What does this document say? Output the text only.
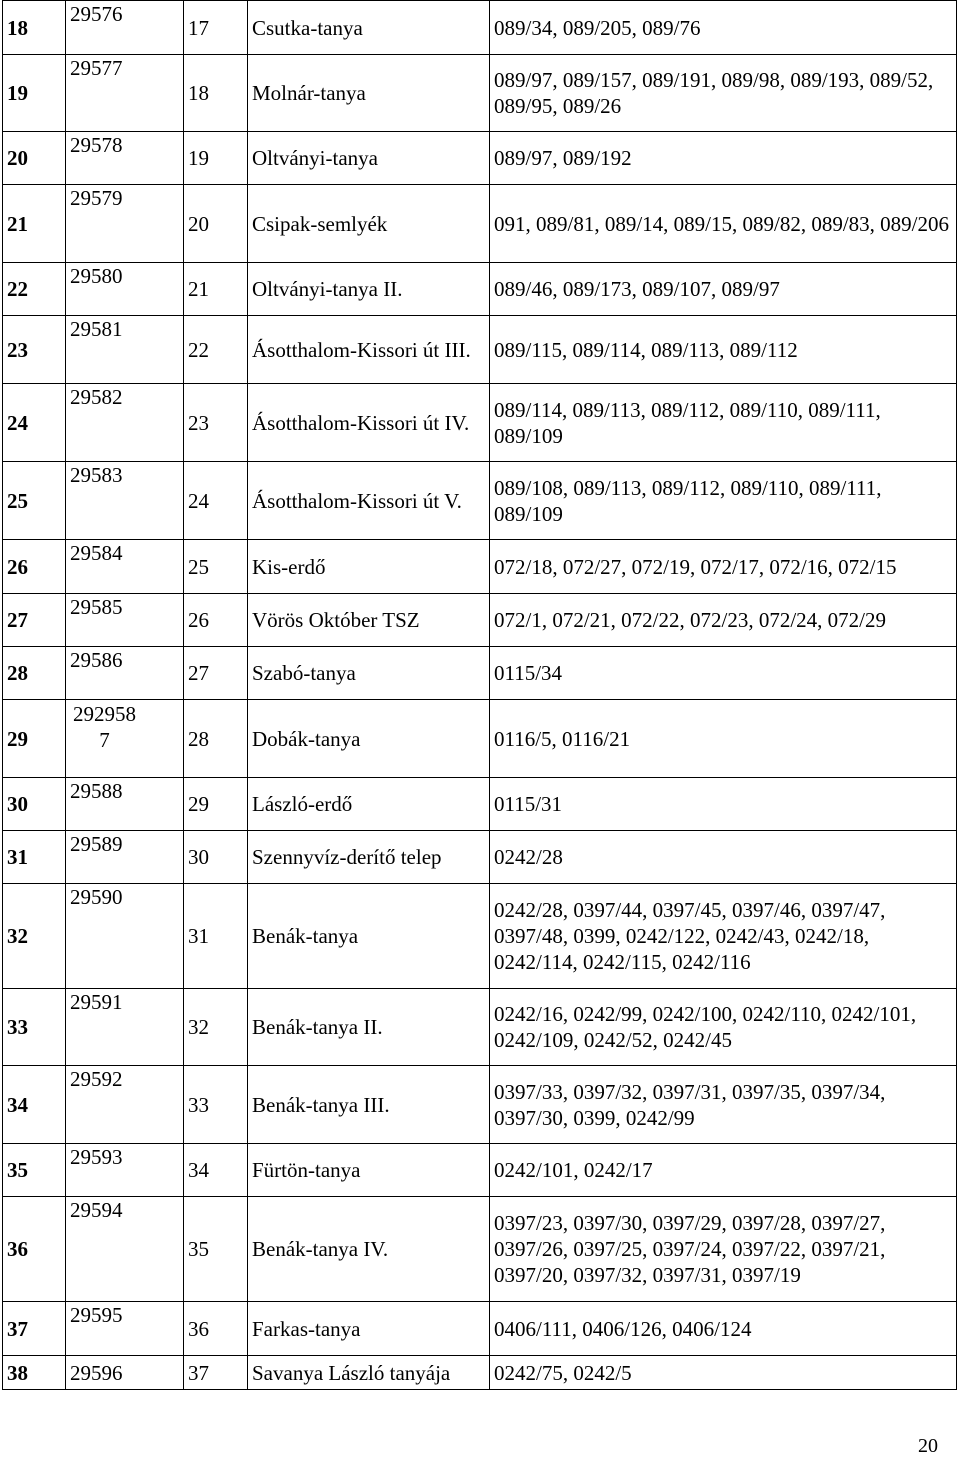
18	29576	17	Csutka-tanya	089/34, 089/205, 089/76
19	29577	18	Molnár-tanya	089/97, 089/157, 089/191, 089/98, 089/193, 089/52, 089/95, 089/26
20	29578	19	Oltványi-tanya	089/97, 089/192
21	29579	20	Csipak-semlyék	091, 089/81, 089/14, 089/15, 089/82, 089/83, 089/206
22	29580	21	Oltványi-tanya II.	089/46, 089/173, 089/107, 089/97
23	29581	22	Ásotthalom-Kissori út III.	089/115, 089/114, 089/113, 089/112
24	29582	23	Ásotthalom-Kissori út IV.	089/114, 089/113, 089/112, 089/110, 089/111, 089/109
25	29583	24	Ásotthalom-Kissori út V.	089/108, 089/113, 089/112, 089/110, 089/111, 089/109
26	29584	25	Kis-erdő	072/18, 072/27, 072/19, 072/17, 072/16, 072/15
27	29585	26	Vörös Október TSZ	072/1, 072/21, 072/22, 072/23, 072/24, 072/29
28	29586	27	Szabó-tanya	0115/34
29	292958 7	28	Dobák-tanya	0116/5, 0116/21
30	29588	29	László-erdő	0115/31
31	29589	30	Szennyvíz-derítő telep	0242/28
32	29590	31	Benák-tanya	0242/28, 0397/44, 0397/45, 0397/46, 0397/47, 0397/48, 0399, 0242/122, 0242/43, 0242/18, 0242/114, 0242/115, 0242/116
33	29591	32	Benák-tanya II.	0242/16, 0242/99, 0242/100, 0242/110, 0242/101, 0242/109, 0242/52, 0242/45
34	29592	33	Benák-tanya III.	0397/33, 0397/32, 0397/31, 0397/35, 0397/34, 0397/30, 0399, 0242/99
35	29593	34	Fürtön-tanya	0242/101, 0242/17
36	29594	35	Benák-tanya IV.	0397/23, 0397/30, 0397/29, 0397/28, 0397/27, 0397/26, 0397/25, 0397/24, 0397/22, 0397/21, 0397/20, 0397/32, 0397/31, 0397/19
37	29595	36	Farkas-tanya	0406/111, 0406/126, 0406/124
38	29596	37	Savanya László tanyája	0242/75, 0242/5
20
